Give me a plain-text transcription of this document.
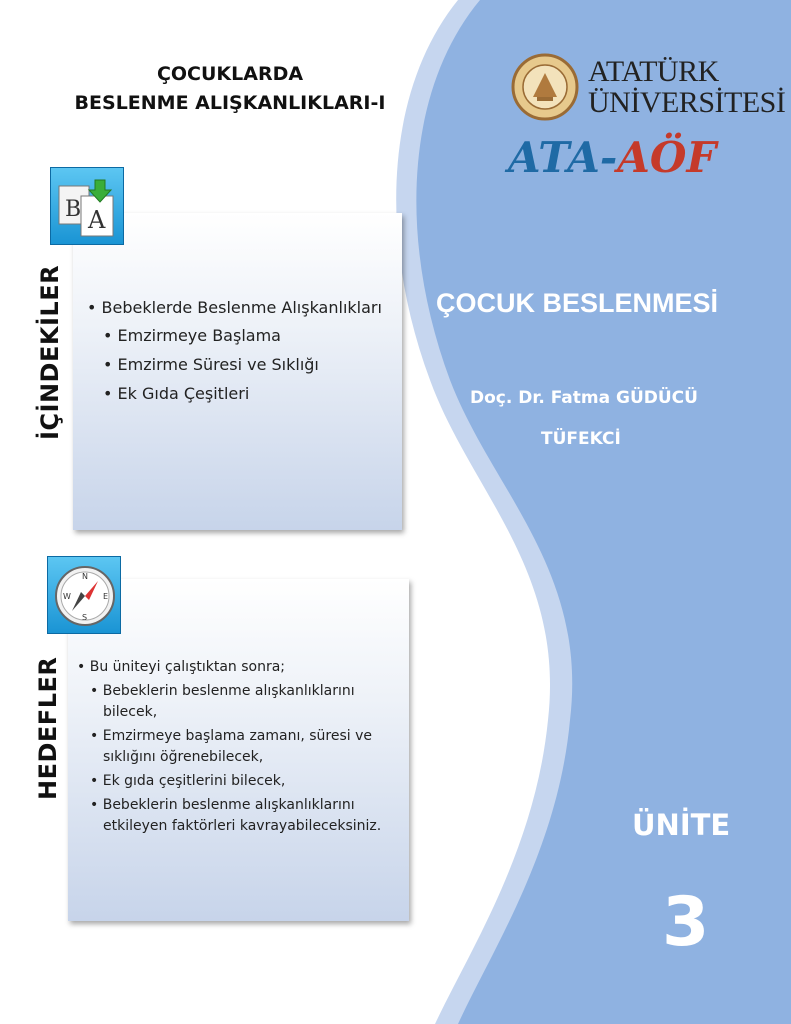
ÇOCUKLARDA
BESLENME ALIŞKANLIKLARI-I
B A
İÇİNDEKİLER • Bebeklerde Beslenme Alışkanlıkları
• Emzirmeye Başlama
• Emzirme Süresi ve Sıklığı
• Ek Gıda Çeşitleri
N
S
W	E
HEDEFLER • Bu üniteyi çalıştıktan sonra;
• Bebeklerin beslenme alışkanlıklarını bilecek,
• Emzirmeye başlama zamanı, süresi ve sıklığını öğrenebilecek,
• Ek gıda çeşitlerini bilecek,
• Bebeklerin beslenme alışkanlıklarını etkileyen faktörleri kavrayabileceksiniz.
ATATÜRK
ÜNİVERSİTESİ
ATA-AÖF
ÇOCUK BESLENMESİ
Doç. Dr. Fatma GÜDÜCÜ
TÜFEKCİ
ÜNİTE
3
